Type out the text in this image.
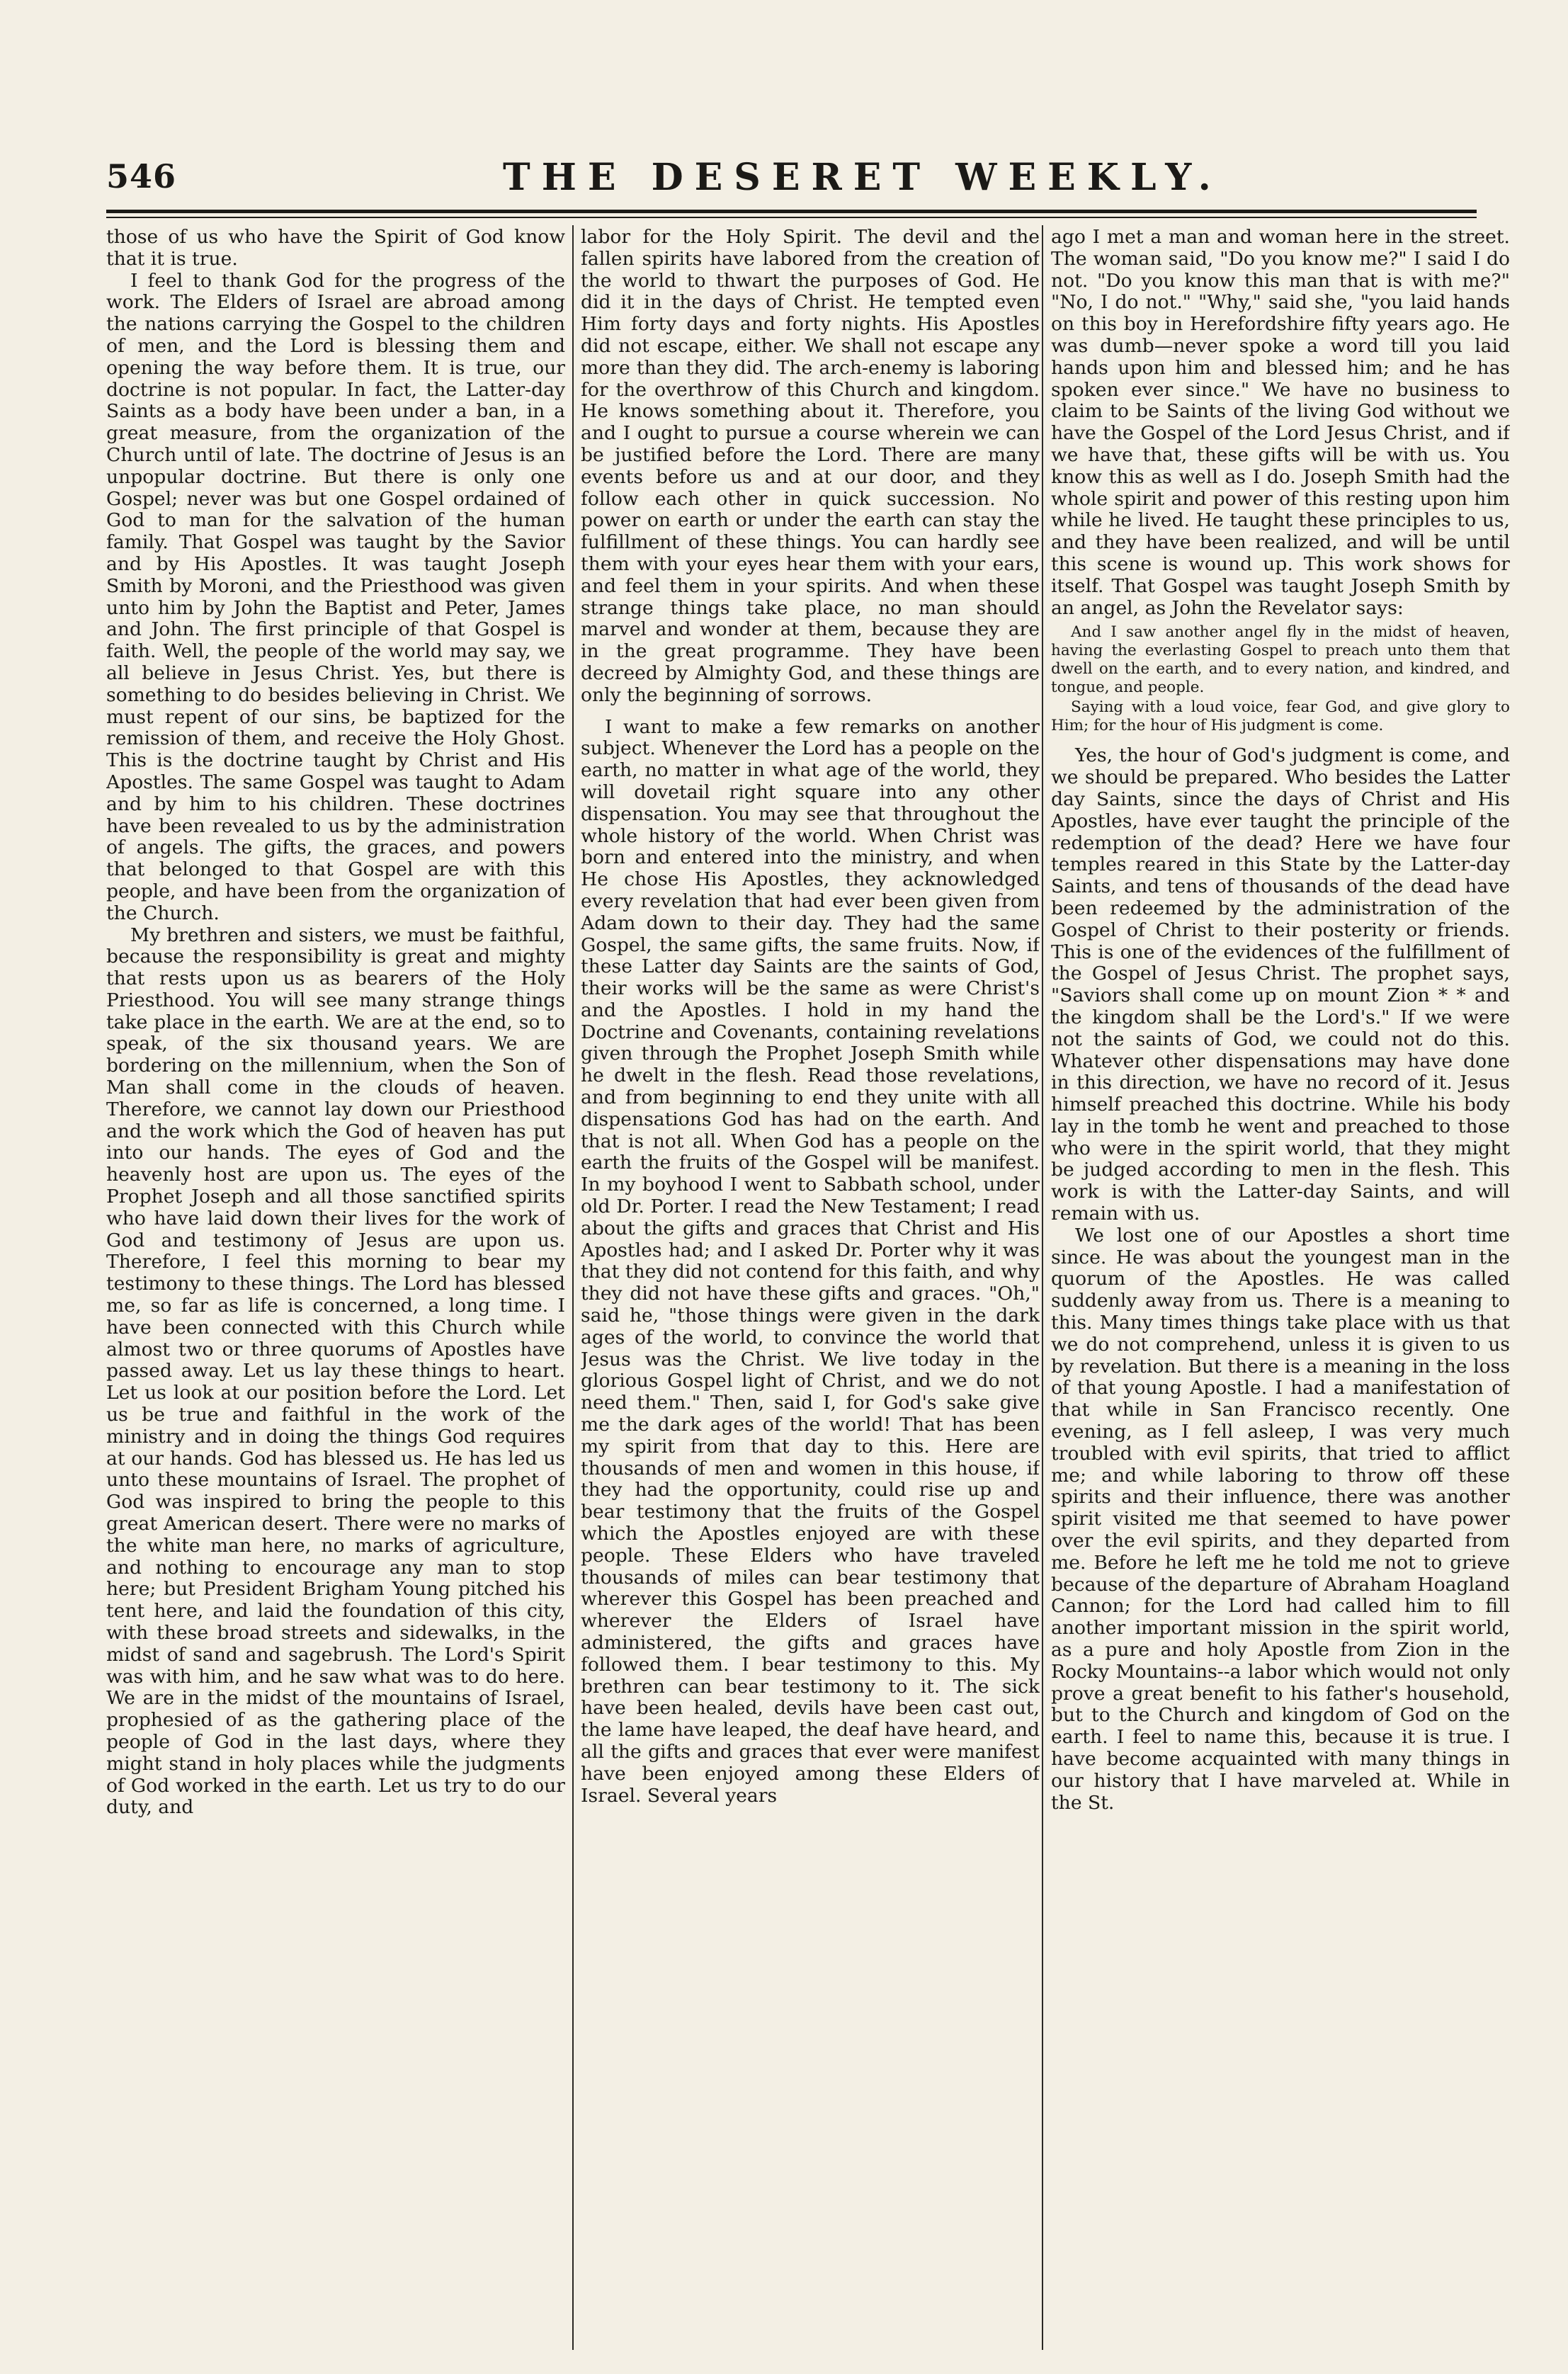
546	THE DESERET WEEKLY.

those of us who have the Spirit of God know that it is true.

I feel to thank God for the progress of the work. The Elders of Israel are abroad among the nations carrying the Gospel to the children of men, and the Lord is blessing them and opening the way before them. It is true, our doctrine is not popular. In fact, the Latter-day Saints as a body have been under a ban, in a great measure, from the organization of the Church until of late. The doctrine of Jesus is an unpopular doctrine. But there is only one Gospel; never was but one Gospel ordained of God to man for the salvation of the human family. That Gospel was taught by the Savior and by His Apostles. It was taught Joseph Smith by Moroni, and the Priesthood was given unto him by John the Baptist and Peter, James and John. The first principle of that Gospel is faith. Well, the people of the world may say, we all believe in Jesus Christ. Yes, but there is something to do besides believing in Christ. We must repent of our sins, be baptized for the remission of them, and receive the Holy Ghost. This is the doctrine taught by Christ and His Apostles. The same Gospel was taught to Adam and by him to his children. These doctrines have been revealed to us by the administration of angels. The gifts, the graces, and powers that belonged to that Gospel are with this people, and have been from the organization of the Church.

My brethren and sisters, we must be faithful, because the responsibility is great and mighty that rests upon us as bearers of the Holy Priesthood. You will see many strange things take place in the earth. We are at the end, so to speak, of the six thousand years. We are bordering on the millennium, when the Son of Man shall come in the clouds of heaven. Therefore, we cannot lay down our Priesthood and the work which the God of heaven has put into our hands. The eyes of God and the heavenly host are upon us. The eyes of the Prophet Joseph and all those sanctified spirits who have laid down their lives for the work of God and testimony of Jesus are upon us. Therefore, I feel this morning to bear my testimony to these things. The Lord has blessed me, so far as life is concerned, a long time. I have been connected with this Church while almost two or three quorums of Apostles have passed away. Let us lay these things to heart. Let us look at our position before the Lord. Let us be true and faithful in the work of the ministry and in doing the things God requires at our hands. God has blessed us. He has led us unto these mountains of Israel. The prophet of God was inspired to bring the people to this great American desert. There were no marks of the white man here, no marks of agriculture, and nothing to encourage any man to stop here; but President Brigham Young pitched his tent here, and laid the foundation of this city, with these broad streets and sidewalks, in the midst of sand and sagebrush. The Lord's Spirit was with him, and he saw what was to do here. We are in the midst of the mountains of Israel, prophesied of as the gathering place of the people of God in the last days, where they might stand in holy places while the judgments of God worked in the earth. Let us try to do our duty, and

labor for the Holy Spirit. The devil and the fallen spirits have labored from the creation of the world to thwart the purposes of God. He did it in the days of Christ. He tempted even Him forty days and forty nights. His Apostles did not escape, either. We shall not escape any more than they did. The arch-enemy is laboring for the overthrow of this Church and kingdom. He knows something about it. Therefore, you and I ought to pursue a course wherein we can be justified before the Lord. There are many events before us and at our door, and they follow each other in quick succession. No power on earth or under the earth can stay the fulfillment of these things. You can hardly see them with your eyes hear them with your ears, and feel them in your spirits. And when these strange things take place, no man should marvel and wonder at them, because they are in the great programme. They have been decreed by Almighty God, and these things are only the beginning of sorrows.

I want to make a few remarks on another subject. Whenever the Lord has a people on the earth, no matter in what age of the world, they will dovetail right square into any other dispensation. You may see that throughout the whole history of the world. When Christ was born and entered into the ministry, and when He chose His Apostles, they acknowledged every revelation that had ever been given from Adam down to their day. They had the same Gospel, the same gifts, the same fruits. Now, if these Latter day Saints are the saints of God, their works will be the same as were Christ's and the Apostles. I hold in my hand the Doctrine and Covenants, containing revelations given through the Prophet Joseph Smith while he dwelt in the flesh. Read those revelations, and from beginning to end they unite with all dispensations God has had on the earth. And that is not all. When God has a people on the earth the fruits of the Gospel will be manifest. In my boyhood I went to Sabbath school, under old Dr. Porter. I read the New Testament; I read about the gifts and graces that Christ and His Apostles had; and I asked Dr. Porter why it was that they did not contend for this faith, and why they did not have these gifts and graces. "Oh," said he, "those things were given in the dark ages of the world, to convince the world that Jesus was the Christ. We live today in the glorious Gospel light of Christ, and we do not need them." Then, said I, for God's sake give me the dark ages of the world! That has been my spirit from that day to this. Here are thousands of men and women in this house, if they had the opportunity, could rise up and bear testimony that the fruits of the Gospel which the Apostles enjoyed are with these people. These Elders who have traveled thousands of miles can bear testimony that wherever this Gospel has been preached and wherever the Elders of Israel have administered, the gifts and graces have followed them. I bear testimony to this. My brethren can bear testimony to it. The sick have been healed, devils have been cast out, the lame have leaped, the deaf have heard, and all the gifts and graces that ever were manifest have been enjoyed among these Elders of Israel. Several years

ago I met a man and woman here in the street. The woman said, "Do you know me?" I said I do not. "Do you know this man that is with me?" "No, I do not." "Why," said she, "you laid hands on this boy in Herefordshire fifty years ago. He was dumb—never spoke a word till you laid hands upon him and blessed him; and he has spoken ever since." We have no business to claim to be Saints of the living God without we have the Gospel of the Lord Jesus Christ, and if we have that, these gifts will be with us. You know this as well as I do. Joseph Smith had the whole spirit and power of this resting upon him while he lived. He taught these principles to us, and they have been realized, and will be until this scene is wound up. This work shows for itself. That Gospel was taught Joseph Smith by an angel, as John the Revelator says:

And I saw another angel fly in the midst of heaven, having the everlasting Gospel to preach unto them that dwell on the earth, and to every nation, and kindred, and tongue, and people.

Saying with a loud voice, fear God, and give glory to Him; for the hour of His judgment is come.

Yes, the hour of God's judgment is come, and we should be prepared. Who besides the Latter day Saints, since the days of Christ and His Apostles, have ever taught the principle of the redemption of the dead? Here we have four temples reared in this State by the Latter-day Saints, and tens of thousands of the dead have been redeemed by the administration of the Gospel of Christ to their posterity or friends. This is one of the evidences of the fulfillment of the Gospel of Jesus Christ. The prophet says, "Saviors shall come up on mount Zion * * and the kingdom shall be the Lord's." If we were not the saints of God, we could not do this. Whatever other dispensations may have done in this direction, we have no record of it. Jesus himself preached this doctrine. While his body lay in the tomb he went and preached to those who were in the spirit world, that they might be judged according to men in the flesh. This work is with the Latter-day Saints, and will remain with us.

We lost one of our Apostles a short time since. He was about the youngest man in the quorum of the Apostles. He was called suddenly away from us. There is a meaning to this. Many times things take place with us that we do not comprehend, unless it is given to us by revelation. But there is a meaning in the loss of that young Apostle. I had a manifestation of that while in San Francisco recently. One evening, as I fell asleep, I was very much troubled with evil spirits, that tried to afflict me; and while laboring to throw off these spirits and their influence, there was another spirit visited me that seemed to have power over the evil spirits, and they departed from me. Before he left me he told me not to grieve because of the departure of Abraham Hoagland Cannon; for the Lord had called him to fill another important mission in the spirit world, as a pure and holy Apostle from Zion in the Rocky Mountains--a labor which would not only prove a great benefit to his father's household, but to the Church and kingdom of God on the earth. I feel to name this, because it is true. I have become acquainted with many things in our history that I have marveled at. While in the St.
